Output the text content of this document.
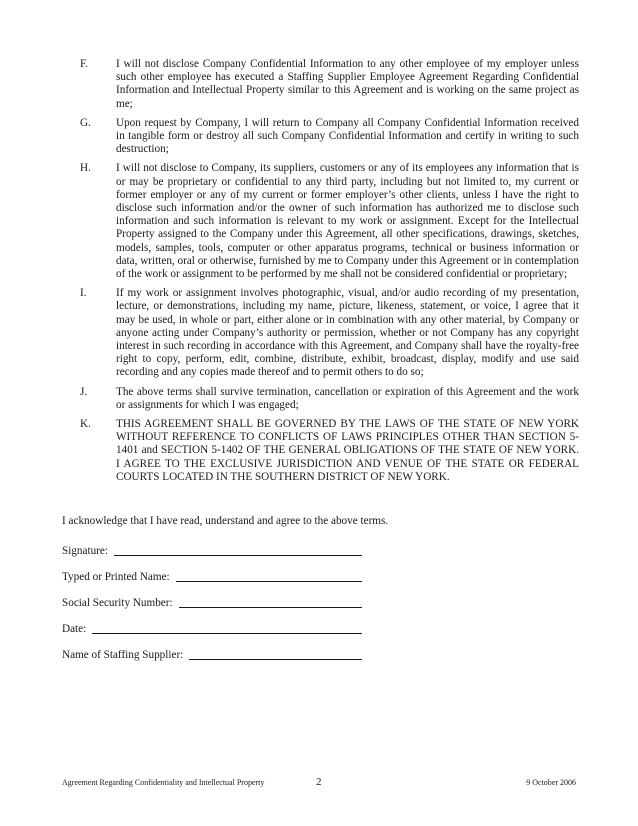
F. I will not disclose Company Confidential Information to any other employee of my employer unless such other employee has executed a Staffing Supplier Employee Agreement Regarding Confidential Information and Intellectual Property similar to this Agreement and is working on the same project as me;
G. Upon request by Company, I will return to Company all Company Confidential Information received in tangible form or destroy all such Company Confidential Information and certify in writing to such destruction;
H. I will not disclose to Company, its suppliers, customers or any of its employees any information that is or may be proprietary or confidential to any third party, including but not limited to, my current or former employer or any of my current or former employer’s other clients, unless I have the right to disclose such information and/or the owner of such information has authorized me to disclose such information and such information is relevant to my work or assignment. Except for the Intellectual Property assigned to the Company under this Agreement, all other specifications, drawings, sketches, models, samples, tools, computer or other apparatus programs, technical or business information or data, written, oral or otherwise, furnished by me to Company under this Agreement or in contemplation of the work or assignment to be performed by me shall not be considered confidential or proprietary;
I.	If my work or assignment involves photographic, visual, and/or audio recording of my presentation, lecture, or demonstrations, including my name, picture, likeness, statement, or voice, I agree that it may be used, in whole or part, either alone or in combination with any other material, by Company or anyone acting under Company’s authority or permission, whether or not Company has any copyright interest in such recording in accordance with this Agreement, and Company shall have the royalty-free right to copy, perform, edit, combine, distribute, exhibit, broadcast, display, modify and use said recording and any copies made thereof and to permit others to do so;
J.	The above terms shall survive termination, cancellation or expiration of this Agreement and the work or assignments for which I was engaged;
K. THIS AGREEMENT SHALL BE GOVERNED BY THE LAWS OF THE STATE OF NEW YORK WITHOUT REFERENCE TO CONFLICTS OF LAWS PRINCIPLES OTHER THAN SECTION 5-1401 and SECTION 5-1402 OF THE GENERAL OBLIGATIONS OF THE STATE OF NEW YORK. I AGREE TO THE EXCLUSIVE JURISDICTION AND VENUE OF THE STATE OR FEDERAL COURTS LOCATED IN THE SOUTHERN DISTRICT OF NEW YORK.
I acknowledge that I have read, understand and agree to the above terms.
Signature:
Typed or Printed Name:
Social Security Number:
Date:
Name of Staffing Supplier:
Agreement Regarding Confidentiality and Intellectual Property	2	9 October 2006
